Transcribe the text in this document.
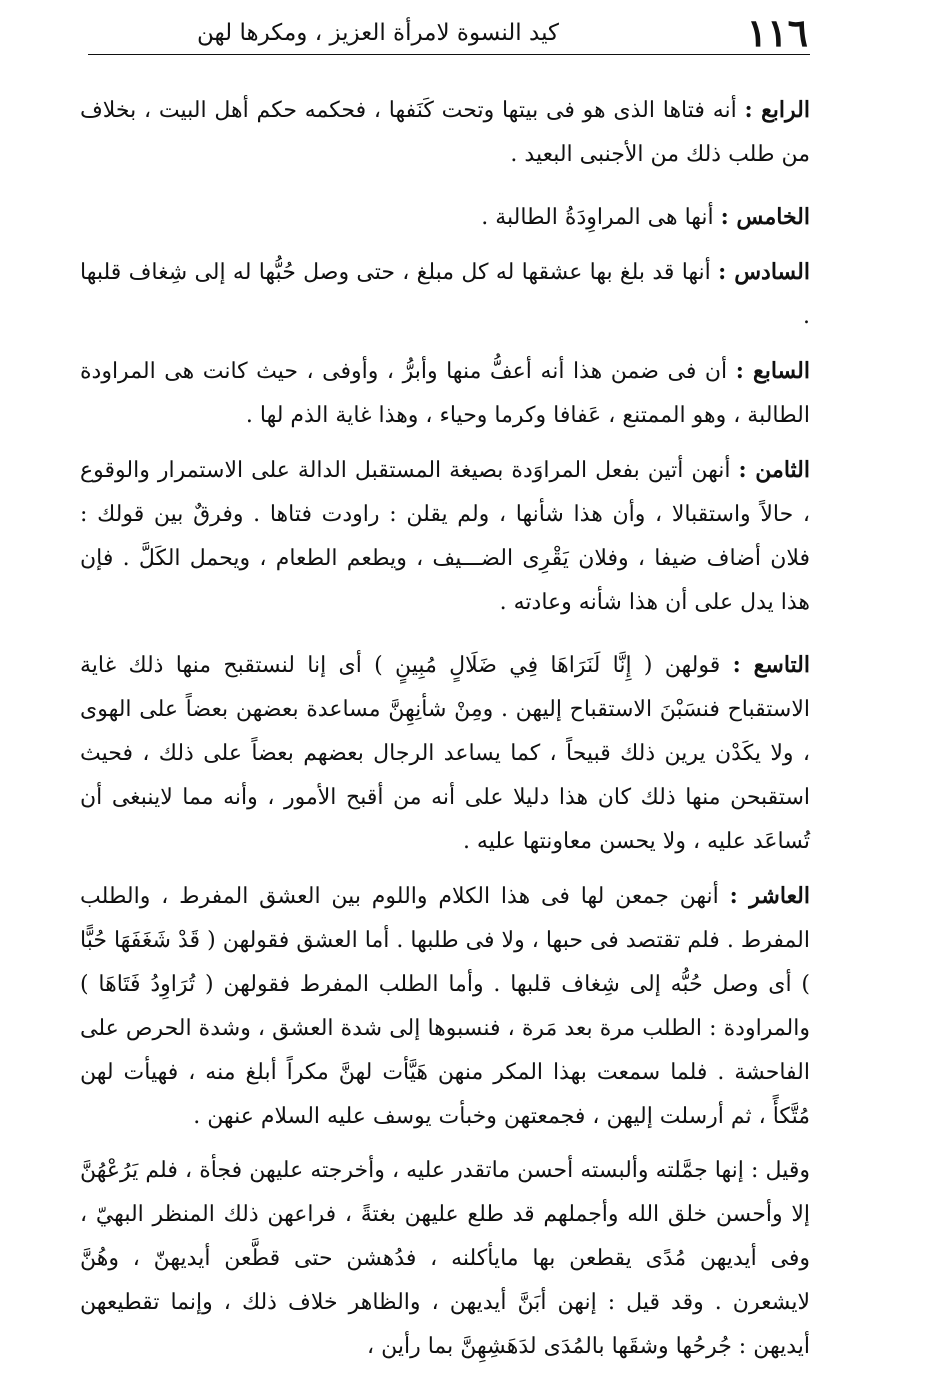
١١٦
كيد النسوة لامرأة العزيز ، ومكرها لهن

الرابع : أنه فتاها الذى هو فى بيتها وتحت كَنَفها ، فحكمه حكم أهل البيت ، بخلاف من طلب ذلك من الأجنبى البعيد .

الخامس : أنها هى المراوِدَةُ الطالبة .

السادس : أنها قد بلغ بها عشقها له كل مبلغ ، حتى وصل حُبُّها له إلى شِغاف قلبها .

السابع : أن فى ضمن هذا أنه أعفُّ منها وأبرُّ ، وأوفى ، حيث كانت هى المراودة الطالبة ، وهو الممتنع ، عَفافا وكرما وحياء ، وهذا غاية الذم لها .

الثامن : أنهن أتين بفعل المراوَدة بصيغة المستقبل الدالة على الاستمرار والوقوع ، حالاً واستقبالا ، وأن هذا شأنها ، ولم يقلن : راودت فتاها . وفرقٌ بين قولك : فلان أضاف ضيفا ، وفلان يَقْرِى الضـــيف ، ويطعم الطعام ، ويحمل الكَلَّ . فإن هذا يدل على أن هذا شأنه وعادته .

التاسع : قولهن ( إِنَّا لَنَرَاهَا فِي ضَلَالٍ مُبِينٍ ) أى إنا لنستقبح منها ذلك غاية الاستقباح فنسَبْنَ الاستقباح إليهن . ومِنْ شأنِهِنَّ مساعدة بعضهن بعضاً على الهوى ، ولا يكَدْن يرين ذلك قبيحاً ، كما يساعد الرجال بعضهم بعضاً على ذلك ، فحيث استقبحن منها ذلك كان هذا دليلا على أنه من أقبح الأمور ، وأنه مما لاينبغى أن تُساعَد عليه ، ولا يحسن معاونتها عليه .

العاشر : أنهن جمعن لها فى هذا الكلام واللوم بين العشق المفرط ، والطلب المفرط . فلم تقتصد فى حبها ، ولا فى طلبها . أما العشق فقولهن ( قَدْ شَغَفَهَا حُبًّا ) أى وصل حُبُّه إلى شِغاف قلبها . وأما الطلب المفرط فقولهن ( تُرَاوِدُ فَتَاهَا ) والمراودة : الطلب مرة بعد مَرة ، فنسبوها إلى شدة العشق ، وشدة الحرص على الفاحشة . فلما سمعت بهذا المكر منهن هَيَّأت لهنَّ مكراً أبلغ منه ، فهيأت لهن مُتَّكأً ، ثم أرسلت إليهن ، فجمعتهن وخبأت يوسف عليه السلام عنهن .

وقيل : إنها جمَّلته وألبسته أحسن ماتقدر عليه ، وأخرجته عليهن فجأة ، فلم يَرُعْهُنَّ إلا وأحسن خلق الله وأجملهم قد طلع عليهن بغتةً ، فراعهن ذلك المنظر البهيّ ، وفى أيديهن مُدًى يقطعن بها مايأكلنه ، فدُهشن حتى قطَّعن أيديهنّ ، وهُنَّ لايشعرن . وقد قيل : إنهن أبَنَّ أيديهن ، والظاهر خلاف ذلك ، وإنما تقطيعهن أيديهن : جُرحُها وشقَها بالمُدَى لدَهَشِهِنَّ بما رأين ،
